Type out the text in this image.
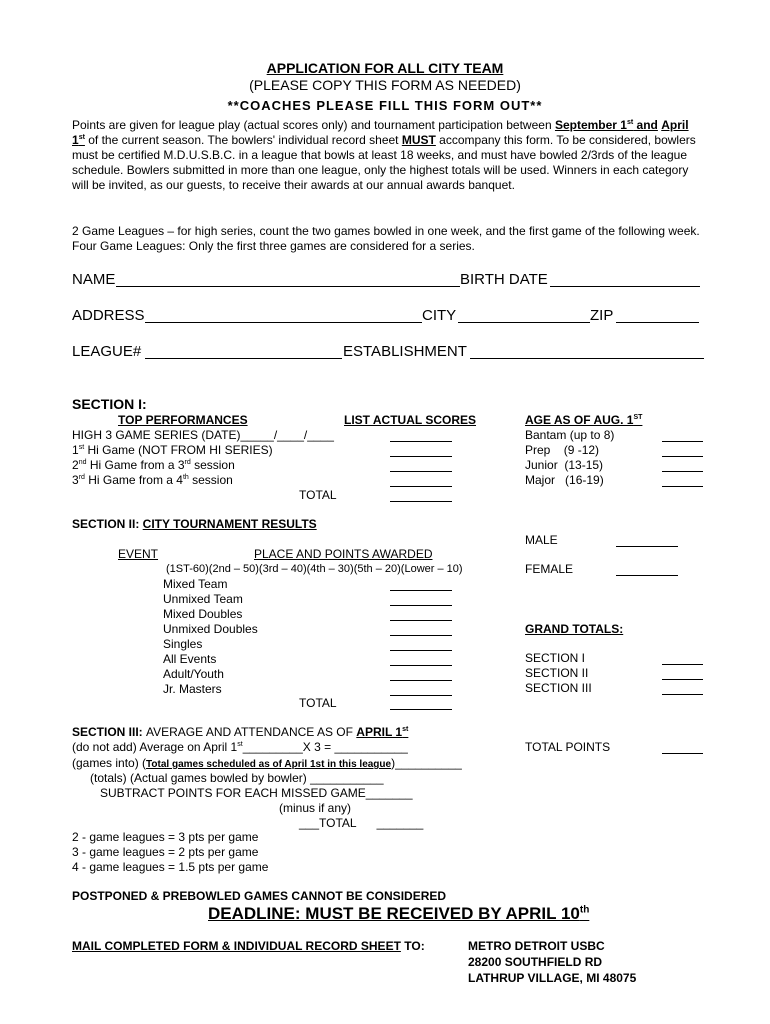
APPLICATION FOR ALL CITY TEAM
(PLEASE COPY THIS FORM AS NEEDED)
**COACHES PLEASE FILL THIS FORM OUT**
Points are given for league play (actual scores only) and tournament participation between September 1st and April 1st of the current season. The bowlers' individual record sheet MUST accompany this form. To be considered, bowlers must be certified M.D.U.S.B.C. in a league that bowls at least 18 weeks, and must have bowled 2/3rds of the league schedule. Bowlers submitted in more than one league, only the highest totals will be used. Winners in each category will be invited, as our guests, to receive their awards at our annual awards banquet.
2 Game Leagues – for high series, count the two games bowled in one week, and the first game of the following week. Four Game Leagues: Only the first three games are considered for a series.
NAME	BIRTH DATE
ADDRESS	CITY	ZIP
LEAGUE#	ESTABLISHMENT
SECTION I:
TOP PERFORMANCES	LIST ACTUAL SCORES	AGE AS OF AUG. 1ST
HIGH 3 GAME SERIES (DATE)_____/____/____
1st Hi Game (NOT FROM HI SERIES)
2nd Hi Game from a 3rd session
3rd Hi Game from a 4th session
TOTAL
Bantam (up to 8)
Prep (9 -12)
Junior (13-15)
Major (16-19)
SECTION II: CITY TOURNAMENT RESULTS
MALE
FEMALE
EVENT	PLACE AND POINTS AWARDED
(1ST-60)(2nd – 50)(3rd – 40)(4th – 30)(5th – 20)(Lower – 10)
Mixed Team
Unmixed Team
Mixed Doubles
Unmixed Doubles
Singles
All Events
Adult/Youth
Jr. Masters
TOTAL
GRAND TOTALS:
SECTION I
SECTION II
SECTION III
TOTAL POINTS
SECTION III: AVERAGE AND ATTENDANCE AS OF APRIL 1st
(do not add) Average on April 1st_________X 3 = ___________
(games into) (Total games scheduled as of April 1st in this league)__________
(totals) (Actual games bowled by bowler) ___________
SUBTRACT POINTS FOR EACH MISSED GAME_______
(minus if any)
___TOTAL _______
2 - game leagues = 3 pts per game
3 - game leagues = 2 pts per game
4 - game leagues = 1.5 pts per game
POSTPONED & PREBOWLED GAMES CANNOT BE CONSIDERED
DEADLINE: MUST BE RECEIVED BY APRIL 10th
MAIL COMPLETED FORM & INDIVIDUAL RECORD SHEET TO:	METRO DETROIT USBC
28200 SOUTHFIELD RD
LATHRUP VILLAGE, MI 48075
